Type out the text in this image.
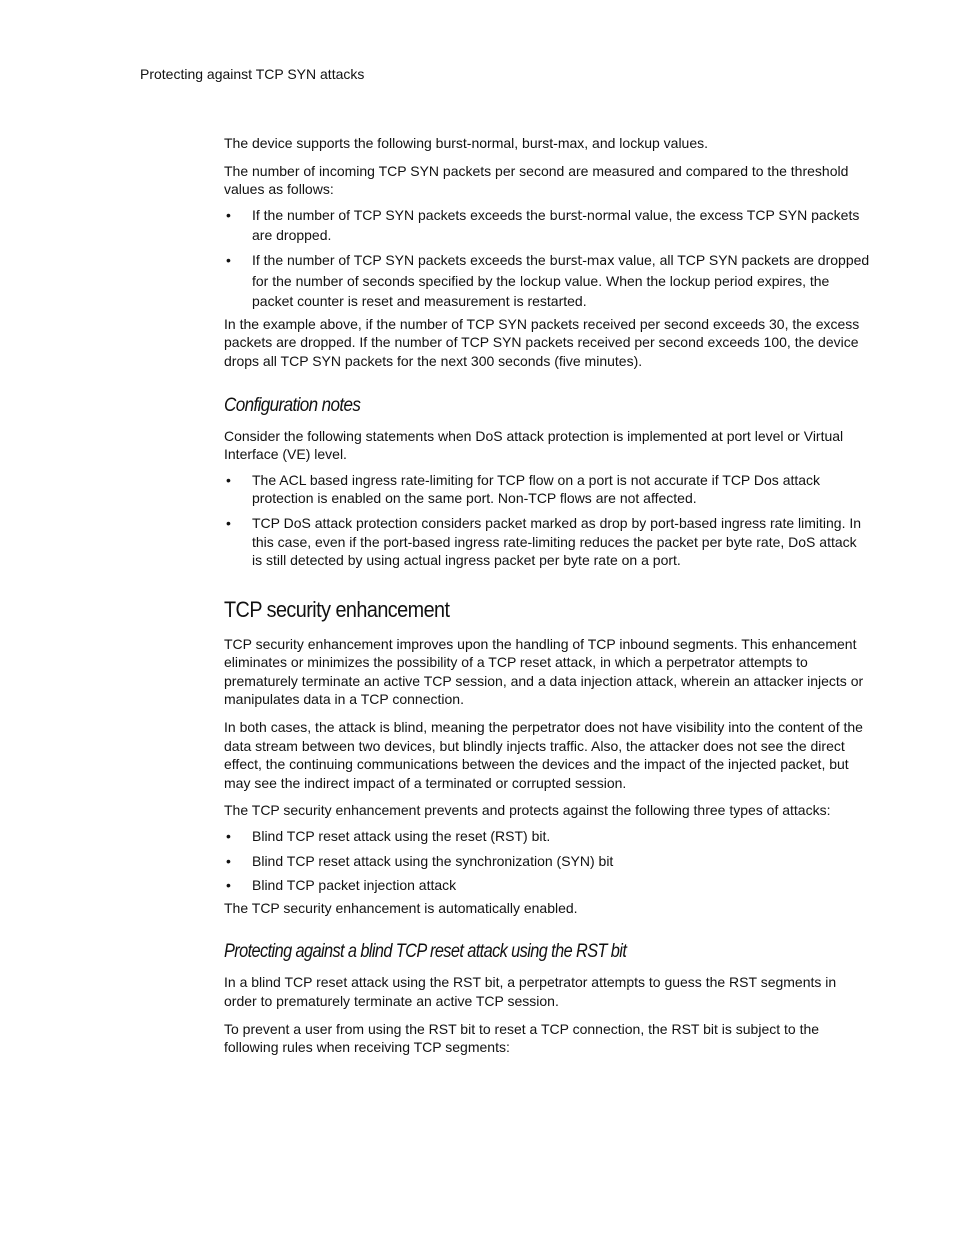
Protecting against TCP SYN attacks

The device supports the following burst-normal, burst-max, and lockup values.

The number of incoming TCP SYN packets per second are measured and compared to the threshold values as follows:

• If the number of TCP SYN packets exceeds the burst-normal value, the excess TCP SYN packets are dropped.
• If the number of TCP SYN packets exceeds the burst-max value, all TCP SYN packets are dropped for the number of seconds specified by the lockup value. When the lockup period expires, the packet counter is reset and measurement is restarted.

In the example above, if the number of TCP SYN packets received per second exceeds 30, the excess packets are dropped. If the number of TCP SYN packets received per second exceeds 100, the device drops all TCP SYN packets for the next 300 seconds (five minutes).

Configuration notes

Consider the following statements when DoS attack protection is implemented at port level or Virtual Interface (VE) level.

• The ACL based ingress rate-limiting for TCP flow on a port is not accurate if TCP Dos attack protection is enabled on the same port. Non-TCP flows are not affected.
• TCP DoS attack protection considers packet marked as drop by port-based ingress rate limiting. In this case, even if the port-based ingress rate-limiting reduces the packet per byte rate, DoS attack is still detected by using actual ingress packet per byte rate on a port.
TCP security enhancement

TCP security enhancement improves upon the handling of TCP inbound segments. This enhancement eliminates or minimizes the possibility of a TCP reset attack, in which a perpetrator attempts to prematurely terminate an active TCP session, and a data injection attack, wherein an attacker injects or manipulates data in a TCP connection.

In both cases, the attack is blind, meaning the perpetrator does not have visibility into the content of the data stream between two devices, but blindly injects traffic. Also, the attacker does not see the direct effect, the continuing communications between the devices and the impact of the injected packet, but may see the indirect impact of a terminated or corrupted session.

The TCP security enhancement prevents and protects against the following three types of attacks:

• Blind TCP reset attack using the reset (RST) bit.
• Blind TCP reset attack using the synchronization (SYN) bit
• Blind TCP packet injection attack

The TCP security enhancement is automatically enabled.

Protecting against a blind TCP reset attack using the RST bit

In a blind TCP reset attack using the RST bit, a perpetrator attempts to guess the RST segments in order to prematurely terminate an active TCP session.

To prevent a user from using the RST bit to reset a TCP connection, the RST bit is subject to the following rules when receiving TCP segments:
